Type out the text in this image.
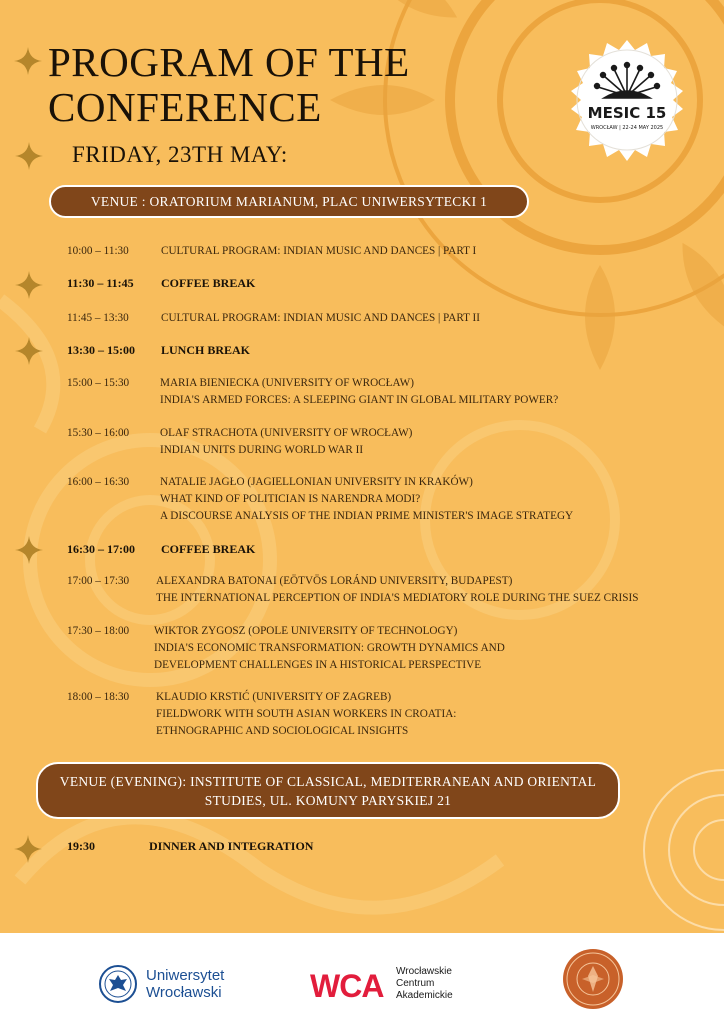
PROGRAM OF THE
CONFERENCE
FRIDAY, 23TH MAY:
MESIC 15
WROCŁAW | 22-24 MAY 2025
VENUE : ORATORIUM MARIANUM, PLAC UNIWERSYTECKI 1
10:00 – 11:30	CULTURAL PROGRAM: INDIAN MUSIC AND DANCES | PART I
11:30 – 11:45	COFFEE BREAK
11:45 – 13:30	CULTURAL PROGRAM: INDIAN MUSIC AND DANCES | PART II
13:30 – 15:00	LUNCH BREAK
15:00 – 15:30	MARIA BIENIECKA (UNIVERSITY OF WROCŁAW)
INDIA'S ARMED FORCES: A SLEEPING GIANT IN GLOBAL MILITARY POWER?
15:30 – 16:00	OLAF STRACHOTA (UNIVERSITY OF WROCŁAW)
INDIAN UNITS DURING WORLD WAR II
16:00 – 16:30	NATALIE JAGŁO (JAGIELLONIAN UNIVERSITY IN KRAKÓW)
WHAT KIND OF POLITICIAN IS NARENDRA MODI?
A DISCOURSE ANALYSIS OF THE INDIAN PRIME MINISTER'S IMAGE STRATEGY
16:30 – 17:00	COFFEE BREAK
17:00 – 17:30	ALEXANDRA BATONAI (EÖTVÖS LORÁND UNIVERSITY, BUDAPEST)
THE INTERNATIONAL PERCEPTION OF INDIA'S MEDIATORY ROLE DURING THE SUEZ CRISIS
17:30 – 18:00	WIKTOR ZYGOSZ (OPOLE UNIVERSITY OF TECHNOLOGY)
INDIA'S ECONOMIC TRANSFORMATION: GROWTH DYNAMICS AND
DEVELOPMENT CHALLENGES IN A HISTORICAL PERSPECTIVE
18:00 – 18:30	KLAUDIO KRSTIĆ (UNIVERSITY OF ZAGREB)
FIELDWORK WITH SOUTH ASIAN WORKERS IN CROATIA:
ETHNOGRAPHIC AND SOCIOLOGICAL INSIGHTS
VENUE (EVENING): INSTITUTE OF CLASSICAL, MEDITERRANEAN AND ORIENTAL
STUDIES, UL. KOMUNY PARYSKIEJ 21
19:30	DINNER AND INTEGRATION
Uniwersytet
Wrocławski	WCA Wrocławskie
Centrum
Akademickie
